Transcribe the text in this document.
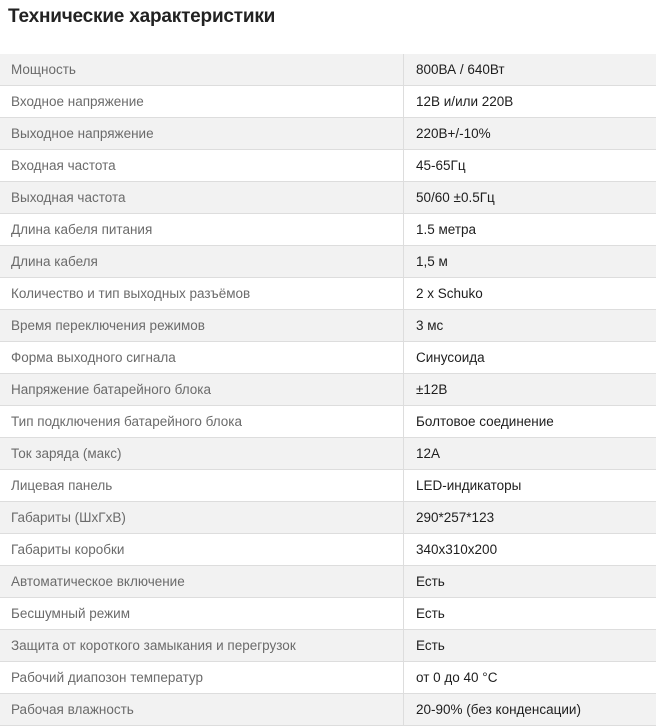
Технические характеристики
Мощность	800ВА / 640Вт
Входное напряжение	12В и/или 220В
Выходное напряжение	220В+/-10%
Входная частота	45-65Гц
Выходная частота	50/60 ±0.5Гц
Длина кабеля питания	1.5 метра
Длина кабеля	1,5 м
Количество и тип выходных разъёмов	2 x Schuko
Время переключения режимов	3 мс
Форма выходного сигнала	Синусоида
Напряжение батарейного блока	±12В
Тип подключения батарейного блока	Болтовое соединение
Ток заряда (макс)	12А
Лицевая панель	LED-индикаторы
Габариты (ШхГхВ)	290*257*123
Габариты коробки	340x310x200
Автоматическое включение	Есть
Бесшумный режим	Есть
Защита от короткого замыкания и перегрузок	Есть
Рабочий диапозон температур	от 0 до 40 °С
Рабочая влажность	20-90% (без конденсации)
